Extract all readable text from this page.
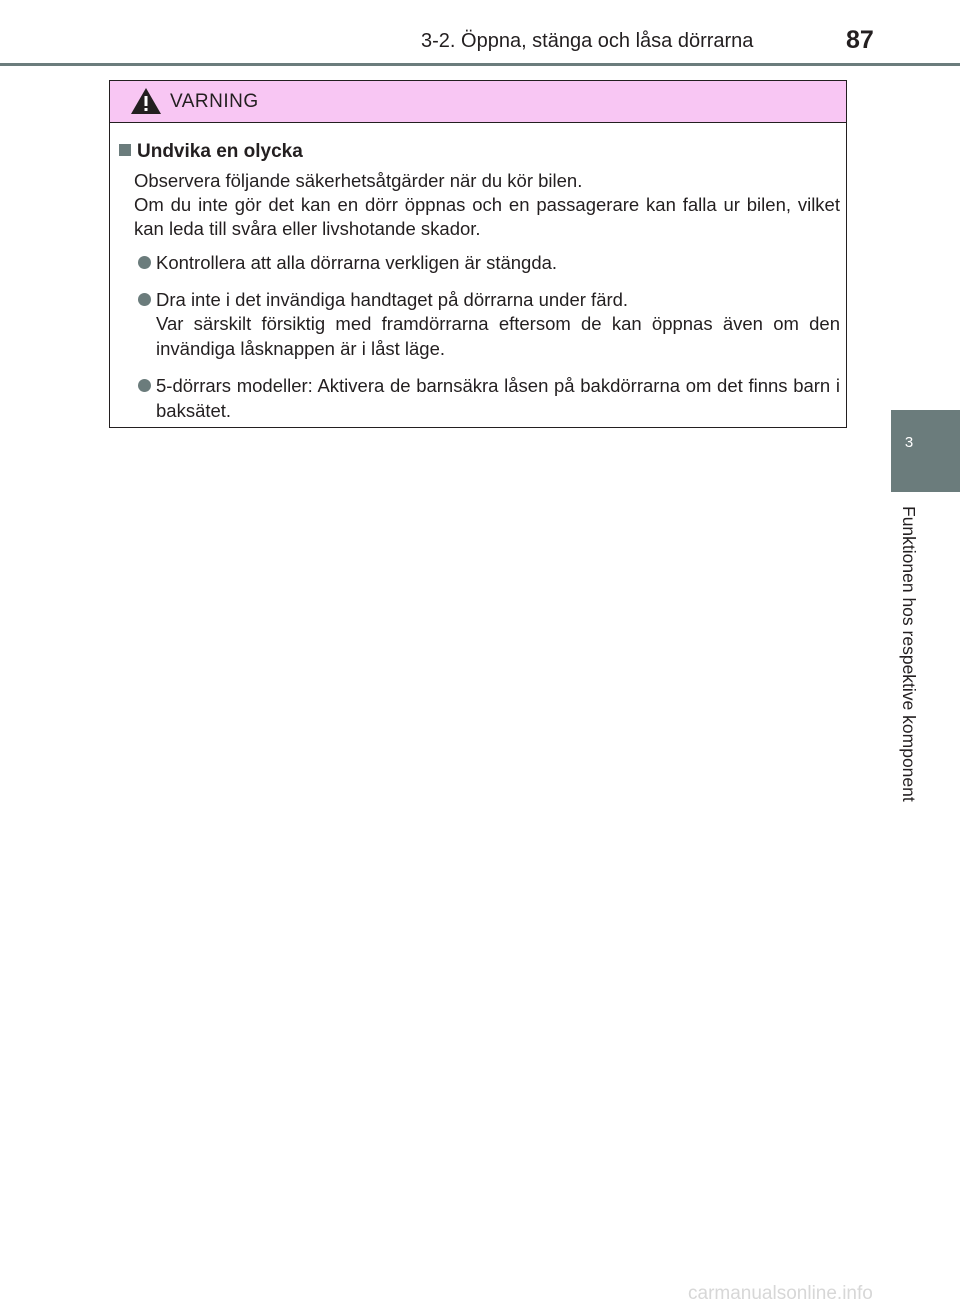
3-2. Öppna, stänga och låsa dörrarna	87
3
Funktionen hos respektive komponent
VARNING
Undvika en olycka

Observera följande säkerhetsåtgärder när du kör bilen.

Om du inte gör det kan en dörr öppnas och en passagerare kan falla ur bilen, vilket kan leda till svåra eller livshotande skador.

Kontrollera att alla dörrarna verkligen är stängda.
Dra inte i det invändiga handtaget på dörrarna under färd.
Var särskilt försiktig med framdörrarna eftersom de kan öppnas även om den invändiga låsknappen är i låst läge.
5-dörrars modeller: Aktivera de barnsäkra låsen på bakdörrarna om det finns barn i baksätet.
carmanualsonline.info
